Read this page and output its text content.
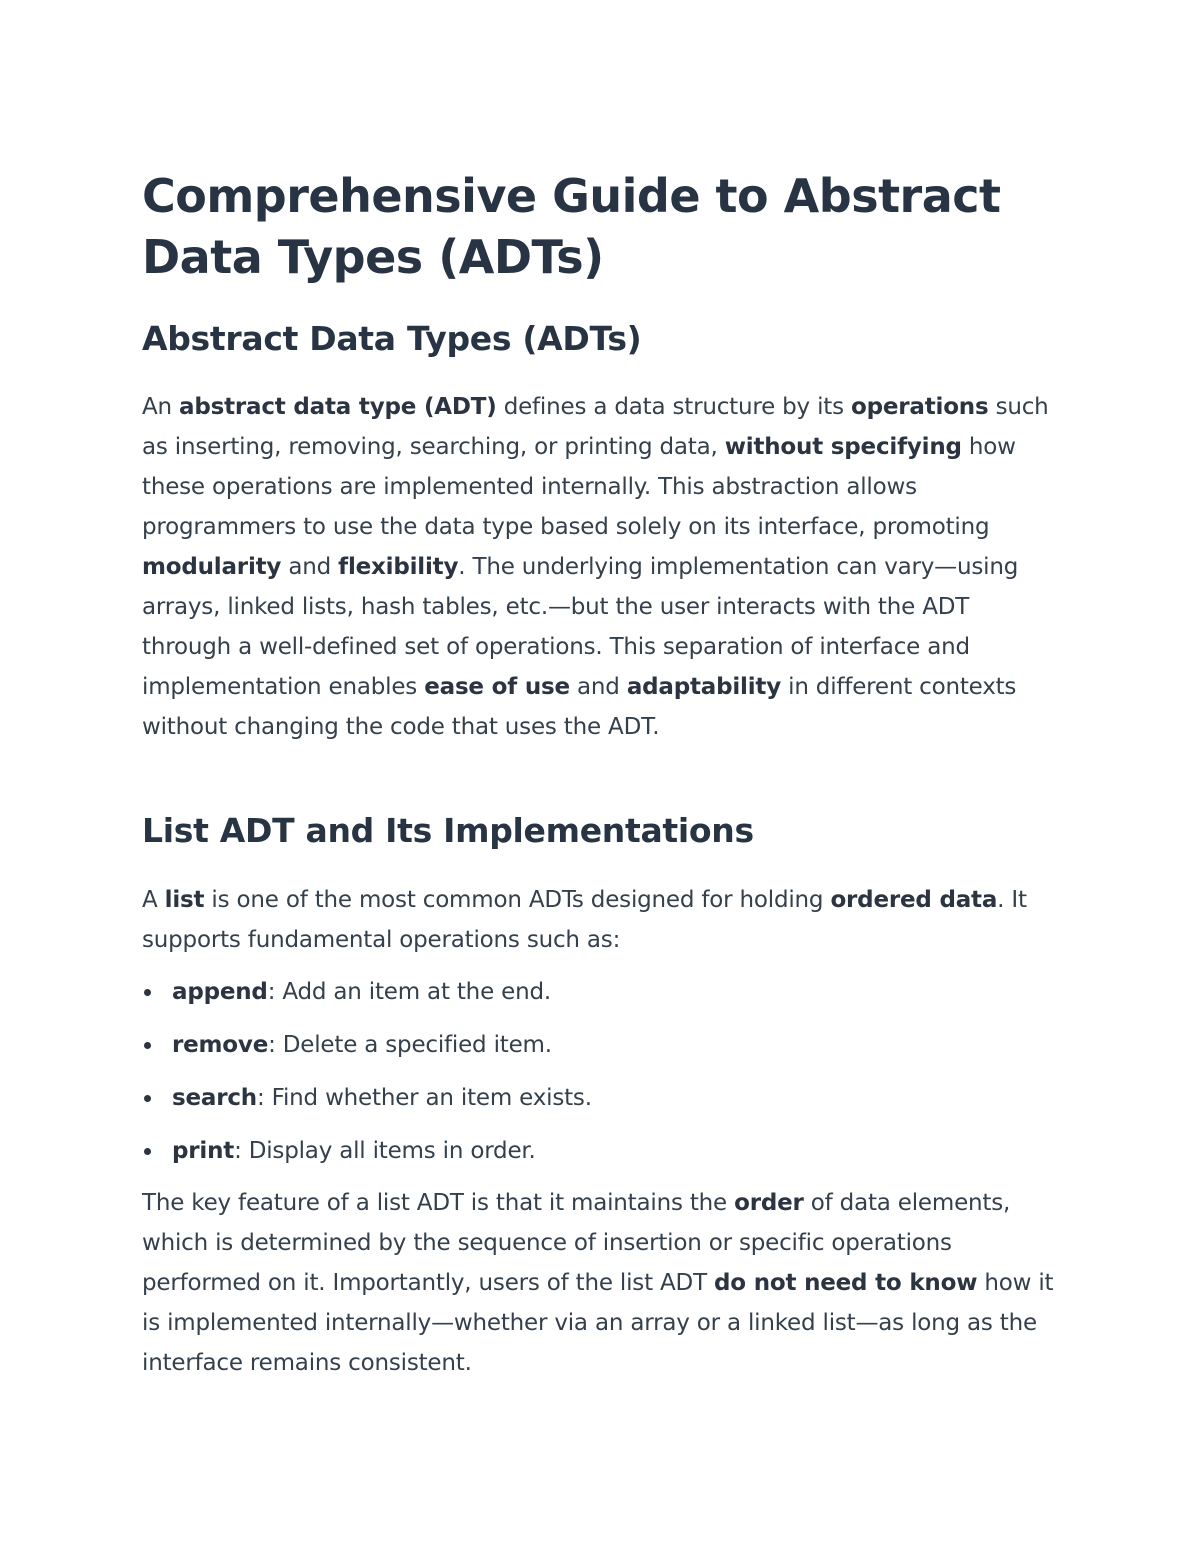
Comprehensive Guide to Abstract Data Types (ADTs)
Abstract Data Types (ADTs)

An abstract data type (ADT) defines a data structure by its operations such as inserting, removing, searching, or printing data, without specifying how these operations are implemented internally. This abstraction allows programmers to use the data type based solely on its interface, promoting modularity and flexibility. The underlying implementation can vary—using arrays, linked lists, hash tables, etc.—but the user interacts with the ADT through a well-defined set of operations. This separation of interface and implementation enables ease of use and adaptability in different contexts without changing the code that uses the ADT.

List ADT and Its Implementations

A list is one of the most common ADTs designed for holding ordered data. It supports fundamental operations such as:

append: Add an item at the end.
remove: Delete a specified item.
search: Find whether an item exists.
print: Display all items in order.

The key feature of a list ADT is that it maintains the order of data elements, which is determined by the sequence of insertion or specific operations performed on it. Importantly, users of the list ADT do not need to know how it is implemented internally—whether via an array or a linked list—as long as the interface remains consistent.
